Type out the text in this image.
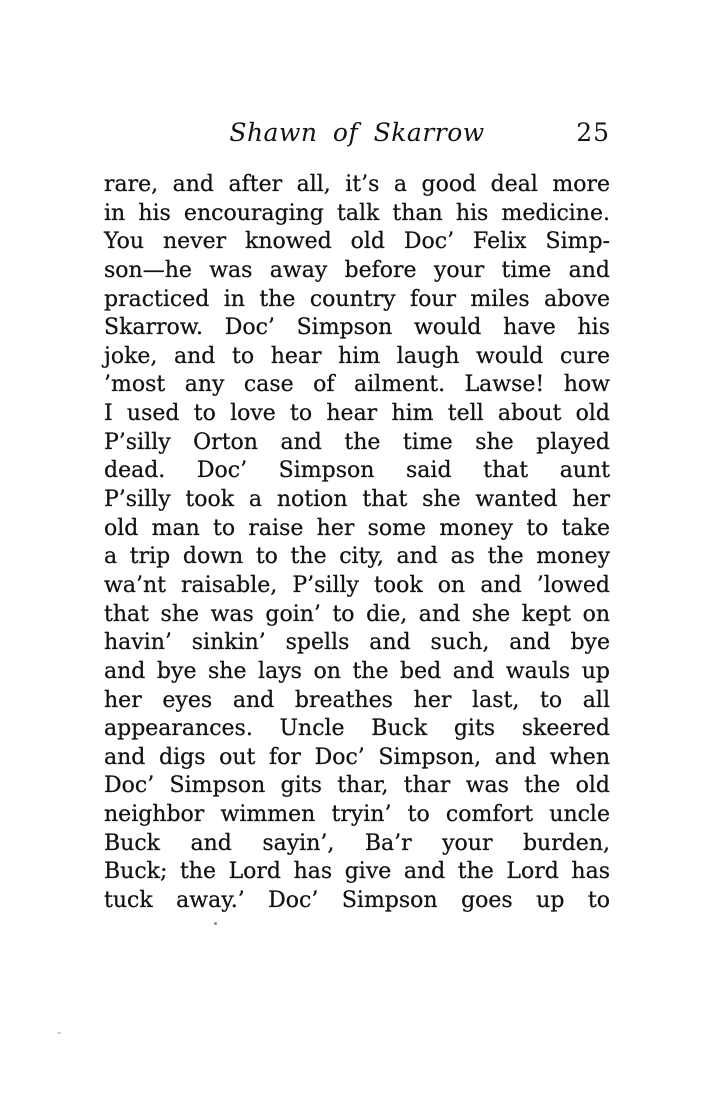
Shawn of Skarrow	25
rare, and after all, it’s a good deal more
in his encouraging talk than his medicine.
You never knowed old Doc’ Felix Simp-
son—he was away before your time and
practiced in the country four miles above
Skarrow. Doc’ Simpson would have his
joke, and to hear him laugh would cure
’most any case of ailment. Lawse! how
I used to love to hear him tell about old
P’silly Orton and the time she played
dead. Doc’ Simpson said that aunt
P’silly took a notion that she wanted her
old man to raise her some money to take
a trip down to the city, and as the money
wa’nt raisable, P’silly took on and ’lowed
that she was goin’ to die, and she kept on
havin’ sinkin’ spells and such, and bye
and bye she lays on the bed and wauls up
her eyes and breathes her last, to all
appearances. Uncle Buck gits skeered
and digs out for Doc’ Simpson, and when
Doc’ Simpson gits thar, thar was the old
neighbor wimmen tryin’ to comfort uncle
Buck and sayin’, Ba’r your burden,
Buck; the Lord has give and the Lord has
tuck away.’ Doc’ Simpson goes up to
